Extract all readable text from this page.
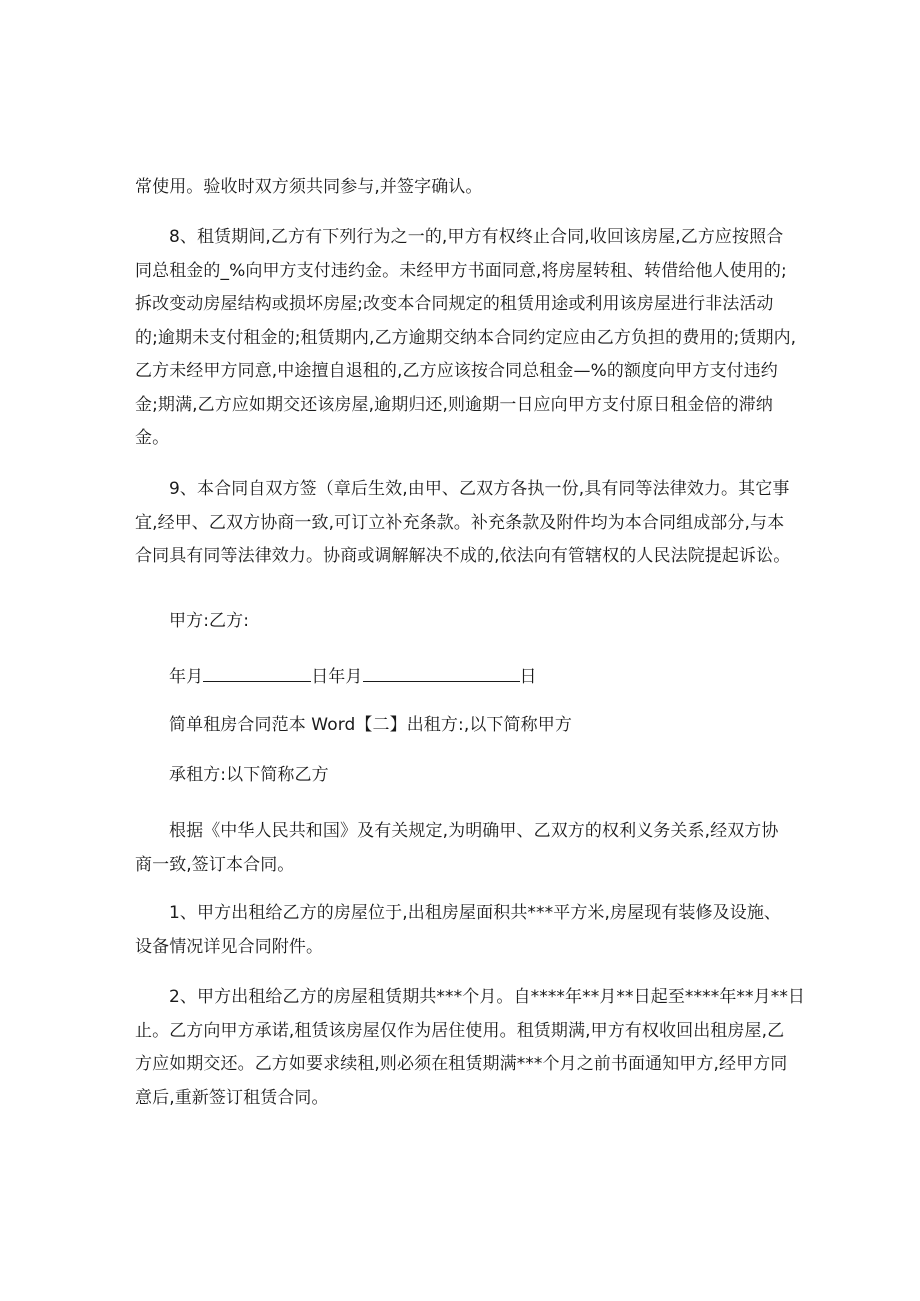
常使用。验收时双方须共同参与,并签字确认。

8、租赁期间,乙方有下列行为之一的,甲方有权终止合同,收回该房屋,乙方应按照合
同总租金的_%向甲方支付违约金。未经甲方书面同意,将房屋转租、转借给他人使用的;
拆改变动房屋结构或损坏房屋;改变本合同规定的租赁用途或利用该房屋进行非法活动
的;逾期未支付租金的;租赁期内,乙方逾期交纳本合同约定应由乙方负担的费用的;赁期内,
乙方未经甲方同意,中途擅自退租的,乙方应该按合同总租金—%的额度向甲方支付违约
金;期满,乙方应如期交还该房屋,逾期归还,则逾期一日应向甲方支付原日租金倍的滞纳
金。

9、本合同自双方签（章后生效,由甲、乙双方各执一份,具有同等法律效力。其它事
宜,经甲、乙双方协商一致,可订立补充条款。补充条款及附件均为本合同组成部分,与本
合同具有同等法律效力。协商或调解解决不成的,依法向有管辖权的人民法院提起诉讼。

甲方:乙方:

年月	日年月	日

简单租房合同范本 Word【二】出租方:,以下简称甲方

承租方:以下简称乙方

根据《中华人民共和国》及有关规定,为明确甲、乙双方的权利义务关系,经双方协
商一致,签订本合同。

1、甲方出租给乙方的房屋位于,出租房屋面积共***平方米,房屋现有装修及设施、
设备情况详见合同附件。

2、甲方出租给乙方的房屋租赁期共***个月。自****年**月**日起至****年**月**日
止。乙方向甲方承诺,租赁该房屋仅作为居住使用。租赁期满,甲方有权收回出租房屋,乙
方应如期交还。乙方如要求续租,则必须在租赁期满***个月之前书面通知甲方,经甲方同
意后,重新签订租赁合同。
